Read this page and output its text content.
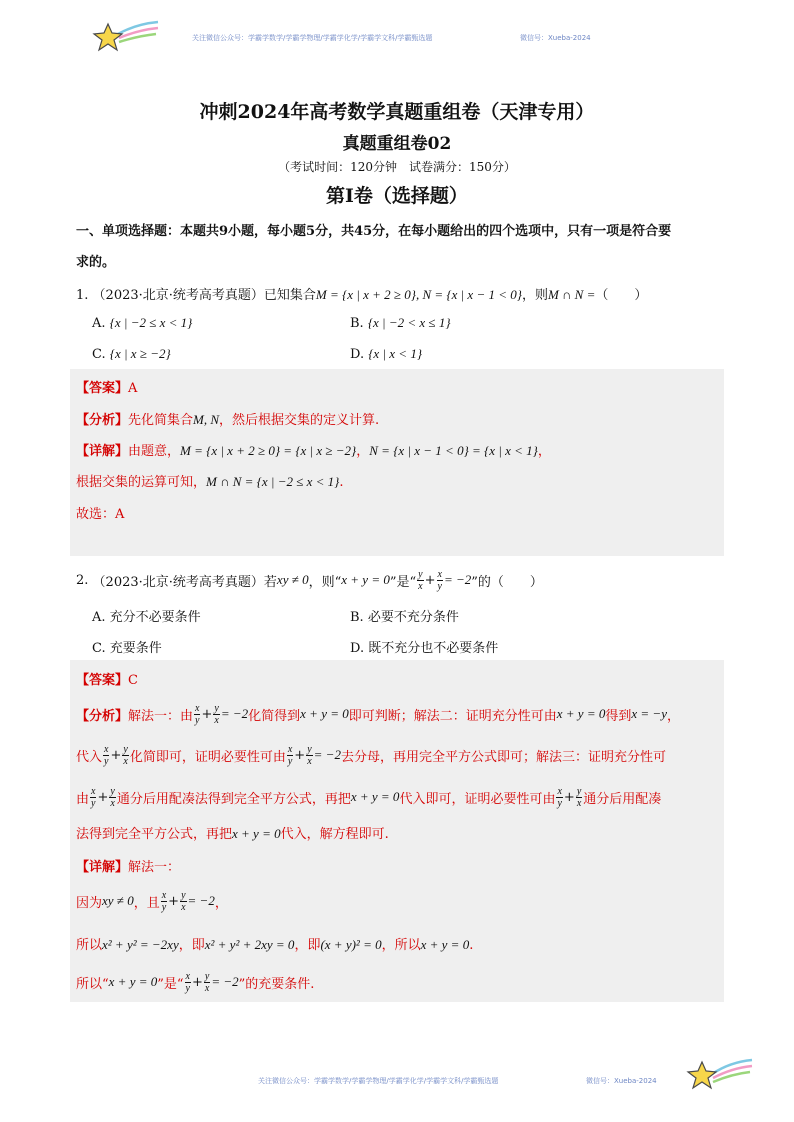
关注微信公众号：学霸学数学/学霸学物理/学霸学化学/学霸学文科/学霸甄选题	微信号：Xueba-2024
冲刺2024年高考数学真题重组卷（天津专用）
真题重组卷02
（考试时间：120分钟　试卷满分：150分）
第I卷（选择题）
一、单项选择题：本题共9小题，每小题5分，共45分，在每小题给出的四个选项中，只有一项是符合要
求的。
1. （2023·北京·统考高考真题）已知集合M = {x | x + 2 ≥ 0}, N = {x | x − 1 < 0}，则M ∩ N =（　　）
A. {x | −2 ≤ x < 1}	B. {x | −2 < x ≤ 1}
C. {x | x ≥ −2}	D. {x | x < 1}
【答案】A
【分析】先化简集合M, N，然后根据交集的定义计算.
【详解】由题意，M = {x | x + 2 ≥ 0} = {x | x ≥ −2}，N = {x | x − 1 < 0} = {x | x < 1}，
根据交集的运算可知，M ∩ N = {x | −2 ≤ x < 1}.
故选：A
2.
（2023·北京·统考高考真题） 若 xy ≠ 0 ，则“ x + y = 0 ”是“ $\frac{y}{x} + \frac{x}{y} = -2$ ”的（　　）
A. 充分不必要条件	B. 必要不充分条件
C. 充要条件	D. 既不充分也不必要条件
【答案】C
【分析】 解法一：由 $\frac{x}{y} + \frac{y}{x} = -2$ 化简得到 x + y = 0 即可判断；解法二：证明充分性可由 x + y = 0 得到 x = −y ，
代入 $\frac{x}{y} + \frac{y}{x}$ 化简即可，证明必要性可由 $\frac{x}{y} + \frac{y}{x} = -2$ 去分母，再用完全平方公式即可；解法三：证明充分性可
由 $\frac{x}{y} + \frac{y}{x}$ 通分后用配凑法得到完全平方公式，再把 x + y = 0 代入即可，证明必要性可由 $\frac{x}{y} + \frac{y}{x}$ 通分后用配凑
法得到完全平方公式，再把x + y = 0代入，解方程即可.
【详解】解法一：
因为 xy ≠ 0 ，且 $\frac{x}{y} + \frac{y}{x} = -2$ ，
所以x² + y² = −2xy，即x² + y² + 2xy = 0，即(x + y)² = 0，所以x + y = 0.
所以“ x + y = 0 ”是“ $\frac{x}{y} + \frac{y}{x} = -2$ ”的充要条件.
关注微信公众号：学霸学数学/学霸学物理/学霸学化学/学霸学文科/学霸甄选题	微信号：Xueba-2024
